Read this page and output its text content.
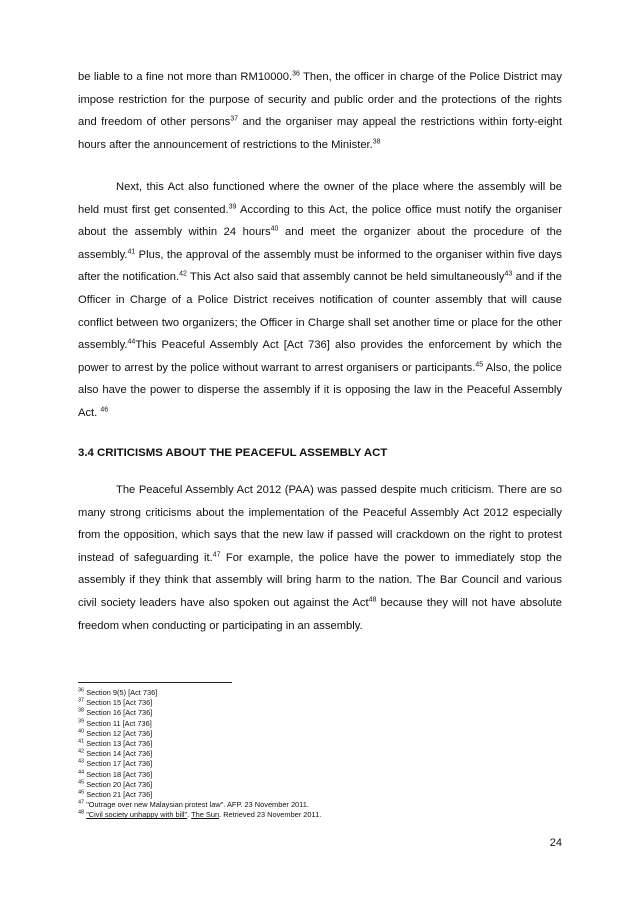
be liable to a fine not more than RM10000.36 Then, the officer in charge of the Police District may impose restriction for the purpose of security and public order and the protections of the rights and freedom of other persons$^{37}$ and the organiser may appeal the restrictions within forty-eight hours after the announcement of restrictions to the Minister.$^{38}$

Next, this Act also functioned where the owner of the place where the assembly will be held must first get consented.$^{39}$ According to this Act, the police office must notify the organiser about the assembly within 24 hours$^{40}$ and meet the organizer about the procedure of the assembly.$^{41}$ Plus, the approval of the assembly must be informed to the organiser within five days after the notification.$^{42}$ This Act also said that assembly cannot be held simultaneously$^{43}$ and if the Officer in Charge of a Police District receives notification of counter assembly that will cause conflict between two organizers; the Officer in Charge shall set another time or place for the other assembly.$^{44}$This Peaceful Assembly Act [Act 736] also provides the enforcement by which the power to arrest by the police without warrant to arrest organisers or participants.$^{45}$ Also, the police also have the power to disperse the assembly if it is opposing the law in the Peaceful Assembly Act. $^{46}$

3.4 CRITICISMS ABOUT THE PEACEFUL ASSEMBLY ACT

The Peaceful Assembly Act 2012 (PAA) was passed despite much criticism. There are so many strong criticisms about the implementation of the Peaceful Assembly Act 2012 especially from the opposition, which says that the new law if passed will crackdown on the right to protest instead of safeguarding it.$^{47}$ For example, the police have the power to immediately stop the assembly if they think that assembly will bring harm to the nation. The Bar Council and various civil society leaders have also spoken out against the Act$^{48}$ because they will not have absolute freedom when conducting or participating in an assembly.

$^{36}$ Section 9(5) [Act 736]

$^{37}$ Section 15 [Act 736]

$^{38}$ Section 16 [Act 736]

$^{39}$ Section 11 [Act 736]

$^{40}$ Section 12 [Act 736]

$^{41}$ Section 13 [Act 736]

$^{42}$ Section 14 [Act 736]

$^{43}$ Section 17 [Act 736]

$^{44}$ Section 18 [Act 736]

$^{45}$ Section 20 [Act 736]

$^{46}$ Section 21 [Act 736]

$^{47}$ "Outrage over new Malaysian protest law". AFP. 23 November 2011.

$^{48}$ "Civil society unhappy with bill". The Sun. Retrieved 23 November 2011.

24
